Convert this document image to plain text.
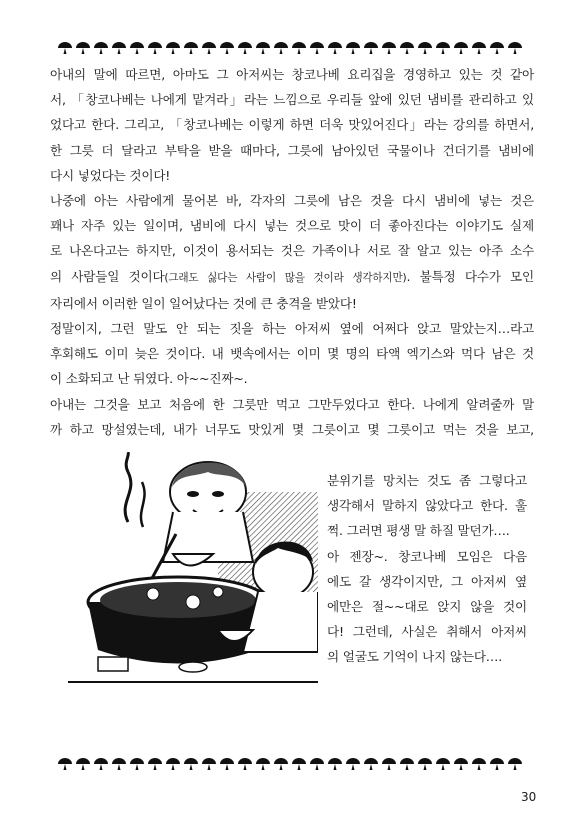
아내의 말에 따르면, 아마도 그 아저씨는 창코나베 요리집을 경영하고 있는 것 같아
서, 「창코나베는 나에게 맡겨라」라는 느낌으로 우리들 앞에 있던 냄비를 관리하고 있
었다고 한다. 그리고, 「창코나베는 이렇게 하면 더욱 맛있어진다」라는 강의를 하면서,
한 그릇 더 달라고 부탁을 받을 때마다, 그릇에 남아있던 국물이나 건더기를 냄비에
다시 넣었다는 것이다!

나중에 아는 사람에게 물어본 바, 각자의 그릇에 남은 것을 다시 냄비에 넣는 것은
꽤나 자주 있는 일이며, 냄비에 다시 넣는 것으로 맛이 더 좋아진다는 이야기도 실제
로 나온다고는 하지만, 이것이 용서되는 것은 가족이나 서로 잘 알고 있는 아주 소수
의 사람들일 것이다(그래도 싫다는 사람이 많을 것이라 생각하지만). 불특정 다수가 모인
자리에서 이러한 일이 일어났다는 것에 큰 충격을 받았다!

정말이지, 그런 말도 안 되는 짓을 하는 아저씨 옆에 어쩌다 앉고 말았는지…라고
후회해도 이미 늦은 것이다. 내 뱃속에서는 이미 몇 명의 타액 엑기스와 먹다 남은 것
이 소화되고 난 뒤였다. 아~~진짜~.

아내는 그것을 보고 처음에 한 그릇만 먹고 그만두었다고 한다. 나에게 알려줄까 말
까 하고 망설였는데, 내가 너무도 맛있게 몇 그릇이고 몇 그릇이고 먹는 것을 보고,

분위기를 망치는 것도 좀 그렇다고
생각해서 말하지 않았다고 한다. 훌
쩍. 그러면 평생 말 하질 말던가….

아 젠장~. 창코나베 모임은 다음
에도 갈 생각이지만, 그 아저씨 옆
에만은 절~~대로 앉지 않을 것이
다! 그런데, 사실은 취해서 아저씨
의 얼굴도 기억이 나지 않는다….

30
